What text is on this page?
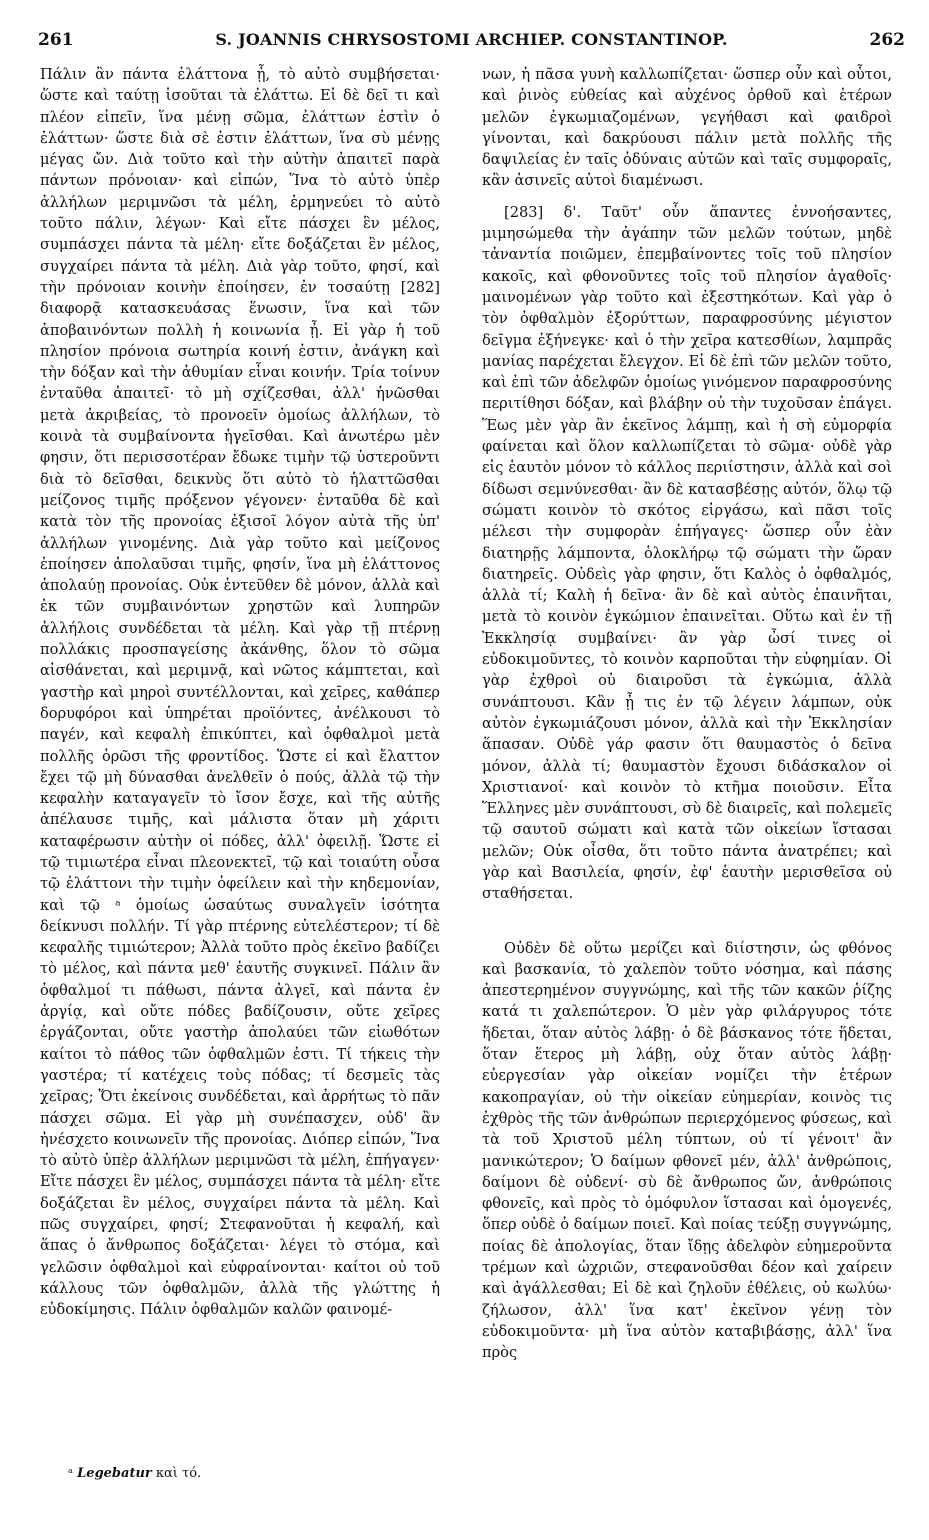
261	S. JOANNIS CHRYSOSTOMI ARCHIEP. CONSTANTINOP.	262

Πάλιν ἂν πάντα ἐλάττονα ᾖ, τὸ αὐτὸ συμβήσεται· ὥστε καὶ ταύτῃ ἰσοῦται τὰ ἐλάττω. Εἰ δὲ δεῖ τι καὶ πλέον εἰπεῖν, ἵνα μένῃ σῶμα, ἐλάττων ἐστὶν ὁ ἐλάττων· ὥστε διὰ σὲ ἐστιν ἐλάττων, ἵνα σὺ μένῃς μέγας ὤν. Διὰ τοῦτο καὶ τὴν αὐτὴν ἀπαιτεῖ παρὰ πάντων πρόνοιαν· καὶ εἰπών, Ἵνα τὸ αὐτὸ ὑπὲρ ἀλλήλων μεριμνῶσι τὰ μέλη, ἑρμηνεύει τὸ αὐτὸ τοῦτο πάλιν, λέγων· Καὶ εἴτε πάσχει ἓν μέλος, συμπάσχει πάντα τὰ μέλη· εἴτε δοξάζεται ἓν μέλος, συγχαίρει πάντα τὰ μέλη. Διὰ γὰρ τοῦτο, φησί, καὶ τὴν πρόνοιαν κοινὴν ἐποίησεν, ἐν τοσαύτῃ [282] διαφορᾷ κατασκευάσας ἕνωσιν, ἵνα καὶ τῶν ἀποβαινόντων πολλὴ ἡ κοινωνία ᾖ. Εἰ γὰρ ἡ τοῦ πλησίον πρόνοια σωτηρία κοινή ἐστιν, ἀνάγκη καὶ τὴν δόξαν καὶ τὴν ἀθυμίαν εἶναι κοινήν. Τρία τοίνυν ἐνταῦθα ἀπαιτεῖ· τὸ μὴ σχίζεσθαι, ἀλλ' ἡνῶσθαι μετὰ ἀκριβείας, τὸ προνοεῖν ὁμοίως ἀλλήλων, τὸ κοινὰ τὰ συμβαίνοντα ἡγεῖσθαι. Καὶ ἀνωτέρω μὲν φησιν, ὅτι περισσοτέραν ἔδωκε τιμὴν τῷ ὑστεροῦντι διὰ τὸ δεῖσθαι, δεικνὺς ὅτι αὐτὸ τὸ ἡλαττῶσθαι μείζονος τιμῆς πρόξενον γέγονεν· ἐνταῦθα δὲ καὶ κατὰ τὸν τῆς προνοίας ἐξισοῖ λόγον αὐτὰ τῆς ὑπ' ἀλλήλων γινομένης. Διὰ γὰρ τοῦτο καὶ μείζονος ἐποίησεν ἀπολαῦσαι τιμῆς, φησίν, ἵνα μὴ ἐλάττονος ἀπολαύῃ προνοίας. Οὐκ ἐντεῦθεν δὲ μόνον, ἀλλὰ καὶ ἐκ τῶν συμβαινόντων χρηστῶν καὶ λυπηρῶν ἀλλήλοις συνδέδεται τὰ μέλη. Καὶ γὰρ τῇ πτέρνῃ πολλάκις προσπαγείσης ἀκάνθης, ὅλον τὸ σῶμα αἰσθάνεται, καὶ μεριμνᾷ, καὶ νῶτος κάμπτεται, καὶ γαστὴρ καὶ μηροὶ συντέλλονται, καὶ χεῖρες, καθάπερ δορυφόροι καὶ ὑπηρέται προϊόντες, ἀνέλκουσι τὸ παγέν, καὶ κεφαλὴ ἐπικύπτει, καὶ ὀφθαλμοὶ μετὰ πολλῆς ὁρῶσι τῆς φροντίδος. Ὥστε εἰ καὶ ἔλαττον ἔχει τῷ μὴ δύνασθαι ἀνελθεῖν ὁ πούς, ἀλλὰ τῷ τὴν κεφαλὴν καταγαγεῖν τὸ ἴσον ἔσχε, καὶ τῆς αὐτῆς ἀπέλαυσε τιμῆς, καὶ μάλιστα ὅταν μὴ χάριτι καταφέρωσιν αὐτὴν οἱ πόδες, ἀλλ' ὀφειλῇ. Ὥστε εἰ τῷ τιμιωτέρα εἶναι πλεονεκτεῖ, τῷ καὶ τοιαύτη οὖσα τῷ ἐλάττονι τὴν τιμὴν ὀφείλειν καὶ τὴν κηδεμονίαν, καὶ τῷ ᵃ ὁμοίως ὡσαύτως συναλγεῖν ἰσότητα δείκνυσι πολλήν. Τί γὰρ πτέρνης εὐτελέστερον; τί δὲ κεφαλῆς τιμιώτερον; Ἀλλὰ τοῦτο πρὸς ἐκεῖνο βαδίζει τὸ μέλος, καὶ πάντα μεθ' ἑαυτῆς συγκινεῖ. Πάλιν ἂν ὀφθαλμοί τι πάθωσι, πάντα ἀλγεῖ, καὶ πάντα ἐν ἀργίᾳ, καὶ οὔτε πόδες βαδίζουσιν, οὔτε χεῖρες ἐργάζονται, οὔτε γαστὴρ ἀπολαύει τῶν εἰωθότων καίτοι τὸ πάθος τῶν ὀφθαλμῶν ἐστι. Τί τήκεις τὴν γαστέρα; τί κατέχεις τοὺς πόδας; τί δεσμεῖς τὰς χεῖρας; Ὅτι ἐκείνοις συνδέδεται, καὶ ἀρρήτως τὸ πᾶν πάσχει σῶμα. Εἰ γὰρ μὴ συνέπασχεν, οὐδ' ἂν ἠνέσχετο κοινωνεῖν τῆς προνοίας. Διόπερ εἰπών, Ἵνα τὸ αὐτὸ ὑπὲρ ἀλλήλων μεριμνῶσι τὰ μέλη, ἐπήγαγεν· Εἴτε πάσχει ἓν μέλος, συμπάσχει πάντα τὰ μέλη· εἴτε δοξάζεται ἓν μέλος, συγχαίρει πάντα τὰ μέλη. Καὶ πῶς συγχαίρει, φησί; Στεφανοῦται ἡ κεφαλή, καὶ ἅπας ὁ ἄνθρωπος δοξάζεται· λέγει τὸ στόμα, καὶ γελῶσιν ὀφθαλμοὶ καὶ εὐφραίνονται· καίτοι οὐ τοῦ κάλλους τῶν ὀφθαλμῶν, ἀλλὰ τῆς γλώττης ἡ εὐδοκίμησις. Πάλιν ὀφθαλμῶν καλῶν φαινομέ-

νων, ἡ πᾶσα γυνὴ καλλωπίζεται· ὥσπερ οὖν καὶ οὗτοι, καὶ ῥινὸς εὐθείας καὶ αὐχένος ὀρθοῦ καὶ ἑτέρων μελῶν ἐγκωμιαζομένων, γεγήθασι καὶ φαιδροὶ γίνονται, καὶ δακρύουσι πάλιν μετὰ πολλῆς τῆς δαψιλείας ἐν ταῖς ὀδύναις αὐτῶν καὶ ταῖς συμφοραῖς, κἂν ἀσινεῖς αὐτοὶ διαμένωσι.

[283] δ'. Ταῦτ' οὖν ἅπαντες ἐννοήσαντες, μιμησώμεθα τὴν ἀγάπην τῶν μελῶν τούτων, μηδὲ τἀναντία ποιῶμεν, ἐπεμβαίνοντες τοῖς τοῦ πλησίον κακοῖς, καὶ φθονοῦντες τοῖς τοῦ πλησίον ἀγαθοῖς· μαινομένων γὰρ τοῦτο καὶ ἐξεστηκότων. Καὶ γὰρ ὁ τὸν ὀφθαλμὸν ἐξορύττων, παραφροσύνης μέγιστον δεῖγμα ἐξήνεγκε· καὶ ὁ τὴν χεῖρα κατεσθίων, λαμπρᾶς μανίας παρέχεται ἔλεγχον. Εἰ δὲ ἐπὶ τῶν μελῶν τοῦτο, καὶ ἐπὶ τῶν ἀδελφῶν ὁμοίως γινόμενον παραφροσύνης περιτίθησι δόξαν, καὶ βλάβην οὐ τὴν τυχοῦσαν ἐπάγει. Ἕως μὲν γὰρ ἂν ἐκεῖνος λάμπῃ, καὶ ἡ σὴ εὐμορφία φαίνεται καὶ ὅλον καλλωπίζεται τὸ σῶμα· οὐδὲ γὰρ εἰς ἑαυτὸν μόνον τὸ κάλλος περιίστησιν, ἀλλὰ καὶ σοὶ δίδωσι σεμνύνεσθαι· ἂν δὲ κατασβέσῃς αὐτόν, ὅλῳ τῷ σώματι κοινὸν τὸ σκότος εἰργάσω, καὶ πᾶσι τοῖς μέλεσι τὴν συμφορὰν ἐπήγαγες· ὥσπερ οὖν ἐὰν διατηρῇς λάμποντα, ὁλοκλήρῳ τῷ σώματι τὴν ὥραν διατηρεῖς. Οὐδεὶς γὰρ φησιν, ὅτι Καλὸς ὁ ὀφθαλμός, ἀλλὰ τί; Καλὴ ἡ δεῖνα· ἂν δὲ καὶ αὐτὸς ἐπαινῆται, μετὰ τὸ κοινὸν ἐγκώμιον ἐπαινεῖται. Οὕτω καὶ ἐν τῇ Ἐκκλησίᾳ συμβαίνει· ἂν γὰρ ὦσί τινες οἱ εὐδοκιμοῦντες, τὸ κοινὸν καρποῦται τὴν εὐφημίαν. Οἱ γὰρ ἐχθροὶ οὐ διαιροῦσι τὰ ἐγκώμια, ἀλλὰ συνάπτουσι. Κἂν ᾖ τις ἐν τῷ λέγειν λάμπων, οὐκ αὐτὸν ἐγκωμιάζουσι μόνον, ἀλλὰ καὶ τὴν Ἐκκλησίαν ἅπασαν. Οὐδὲ γάρ φασιν ὅτι θαυμαστὸς ὁ δεῖνα μόνον, ἀλλὰ τί; θαυμαστὸν ἔχουσι διδάσκαλον οἱ Χριστιανοί· καὶ κοινὸν τὸ κτῆμα ποιοῦσιν. Εἶτα Ἕλληνες μὲν συνάπτουσι, σὺ δὲ διαιρεῖς, καὶ πολεμεῖς τῷ σαυτοῦ σώματι καὶ κατὰ τῶν οἰκείων ἵστασαι μελῶν; Οὐκ οἶσθα, ὅτι τοῦτο πάντα ἀνατρέπει; καὶ γὰρ καὶ Βασιλεία, φησίν, ἐφ' ἑαυτὴν μερισθεῖσα οὐ σταθήσεται.

Οὐδὲν δὲ οὕτω μερίζει καὶ διίστησιν, ὡς φθόνος καὶ βασκανία, τὸ χαλεπὸν τοῦτο νόσημα, καὶ πάσης ἀπεστερημένον συγγνώμης, καὶ τῆς τῶν κακῶν ῥίζης κατά τι χαλεπώτερον. Ὁ μὲν γὰρ φιλάργυρος τότε ἥδεται, ὅταν αὐτὸς λάβῃ· ὁ δὲ βάσκανος τότε ἥδεται, ὅταν ἕτερος μὴ λάβῃ, οὐχ ὅταν αὐτὸς λάβῃ· εὐεργεσίαν γὰρ οἰκείαν νομίζει τὴν ἑτέρων κακοπραγίαν, οὐ τὴν οἰκείαν εὐημερίαν, κοινὸς τις ἐχθρὸς τῆς τῶν ἀνθρώπων περιερχόμενος φύσεως, καὶ τὰ τοῦ Χριστοῦ μέλη τύπτων, οὐ τί γένοιτ' ἂν μανικώτερον; Ὁ δαίμων φθονεῖ μέν, ἀλλ' ἀνθρώποις, δαίμονι δὲ οὐδενί· σὺ δὲ ἄνθρωπος ὤν, ἀνθρώποις φθονεῖς, καὶ πρὸς τὸ ὁμόφυλον ἵστασαι καὶ ὁμογενές, ὅπερ οὐδὲ ὁ δαίμων ποιεῖ. Καὶ ποίας τεύξῃ συγγνώμης, ποίας δὲ ἀπολογίας, ὅταν ἴδῃς ἀδελφὸν εὐημεροῦντα τρέμων καὶ ὠχριῶν, στεφανοῦσθαι δέον καὶ χαίρειν καὶ ἀγάλλεσθαι; Εἰ δὲ καὶ ζηλοῦν ἐθέλεις, οὐ κωλύω· ζήλωσον, ἀλλ' ἵνα κατ' ἐκεῖνον γένῃ τὸν εὐδοκιμοῦντα· μὴ ἵνα αὐτὸν καταβιβάσῃς, ἀλλ' ἵνα πρὸς

ᵃ Legebatur καὶ τό.
